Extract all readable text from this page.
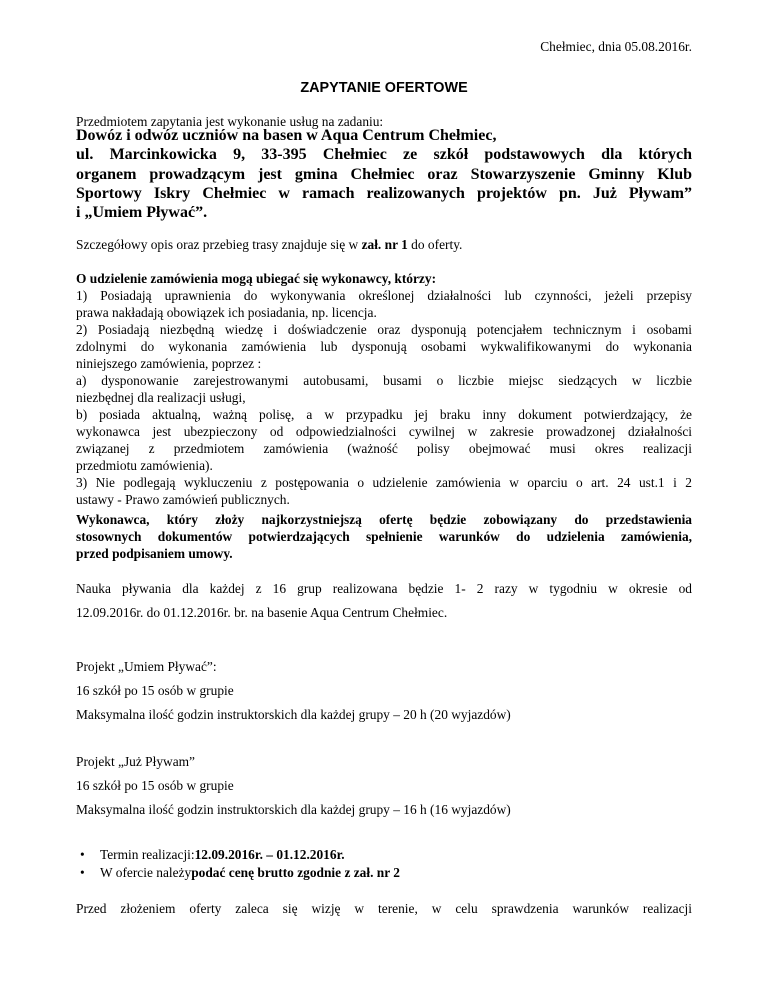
Chełmiec, dnia 05.08.2016r.
ZAPYTANIE OFERTOWE
Przedmiotem zapytania jest wykonanie usług na zadaniu:
Dowóz i odwóz uczniów na basen w Aqua Centrum Chełmiec,
ul. Marcinkowicka 9, 33-395 Chełmiec ze szkół podstawowych dla których
organem prowadzącym jest gmina Chełmiec oraz Stowarzyszenie Gminny Klub
Sportowy Iskry Chełmiec w ramach realizowanych projektów pn. Już Pływam”
i „Umiem Pływać”.
Szczegółowy opis oraz przebieg trasy znajduje się w zał. nr 1 do oferty.
O udzielenie zamówienia mogą ubiegać się wykonawcy, którzy:
1) Posiadają uprawnienia do wykonywania określonej działalności lub czynności, jeżeli przepisy
prawa nakładają obowiązek ich posiadania, np. licencja.
2) Posiadają niezbędną wiedzę i doświadczenie oraz dysponują potencjałem technicznym i osobami
zdolnymi do wykonania zamówienia lub dysponują osobami wykwalifikowanymi do wykonania
niniejszego zamówienia, poprzez :
a) dysponowanie zarejestrowanymi autobusami, busami o liczbie miejsc siedzących w liczbie
niezbędnej dla realizacji usługi,
b) posiada aktualną, ważną polisę, a w przypadku jej braku inny dokument potwierdzający, że
wykonawca jest ubezpieczony od odpowiedzialności cywilnej w zakresie prowadzonej działalności
związanej z przedmiotem zamówienia (ważność polisy obejmować musi okres realizacji
przedmiotu zamówienia).
3) Nie podlegają wykluczeniu z postępowania o udzielenie zamówienia w oparciu o art. 24 ust.1 i 2
ustawy - Prawo zamówień publicznych.
Wykonawca, który złoży najkorzystniejszą ofertę będzie zobowiązany do przedstawienia
stosownych dokumentów potwierdzających spełnienie warunków do udzielenia zamówienia,
przed podpisaniem umowy.
Nauka pływania dla każdej z 16 grup realizowana będzie 1- 2 razy w tygodniu w okresie od
12.09.2016r. do 01.12.2016r. br. na basenie Aqua Centrum Chełmiec.
Projekt „Umiem Pływać”:
16 szkół po 15 osób w grupie
Maksymalna ilość godzin instruktorskich dla każdej grupy – 20 h (20 wyjazdów)
Projekt „Już Pływam”
16 szkół po 15 osób w grupie
Maksymalna ilość godzin instruktorskich dla każdej grupy – 16 h (16 wyjazdów)
•	Termin realizacji: 12.09.2016r. – 01.12.2016r.
•	W ofercie należy podać cenę brutto zgodnie z zał. nr 2
Przed złożeniem oferty zaleca się wizję w terenie, w celu sprawdzenia warunków realizacji
